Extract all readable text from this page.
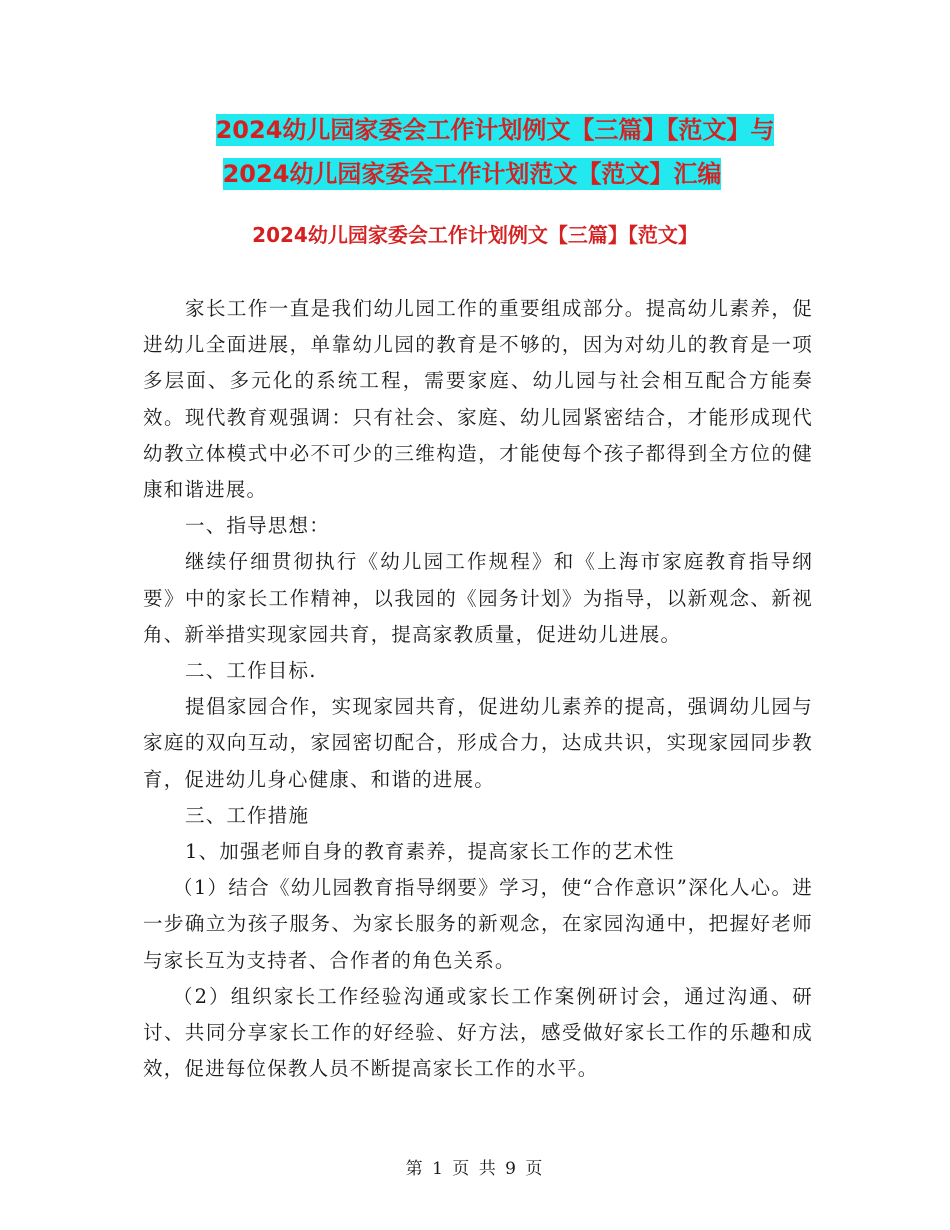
2024幼儿园家委会工作计划例文【三篇】【范文】与
2024幼儿园家委会工作计划范文【范文】汇编
2024幼儿园家委会工作计划例文【三篇】【范文】

家长工作一直是我们幼儿园工作的重要组成部分。提高幼儿素养，促进幼儿全面进展，单靠幼儿园的教育是不够的，因为对幼儿的教育是一项多层面、多元化的系统工程，需要家庭、幼儿园与社会相互配合方能奏效。现代教育观强调：只有社会、家庭、幼儿园紧密结合，才能形成现代幼教立体模式中必不可少的三维构造，才能使每个孩子都得到全方位的健康和谐进展。

一、指导思想：

继续仔细贯彻执行《幼儿园工作规程》和《上海市家庭教育指导纲要》中的家长工作精神，以我园的《园务计划》为指导，以新观念、新视角、新举措实现家园共育，提高家教质量，促进幼儿进展。

二、工作目标.

提倡家园合作，实现家园共育，促进幼儿素养的提高，强调幼儿园与家庭的双向互动，家园密切配合，形成合力，达成共识，实现家园同步教育，促进幼儿身心健康、和谐的进展。

三、工作措施

1、加强老师自身的教育素养，提高家长工作的艺术性

（1）结合《幼儿园教育指导纲要》学习，使“合作意识”深化人心。进一步确立为孩子服务、为家长服务的新观念，在家园沟通中，把握好老师与家长互为支持者、合作者的角色关系。

（2）组织家长工作经验沟通或家长工作案例研讨会，通过沟通、研讨、共同分享家长工作的好经验、好方法，感受做好家长工作的乐趣和成效，促进每位保教人员不断提高家长工作的水平。

第 1 页 共 9 页
